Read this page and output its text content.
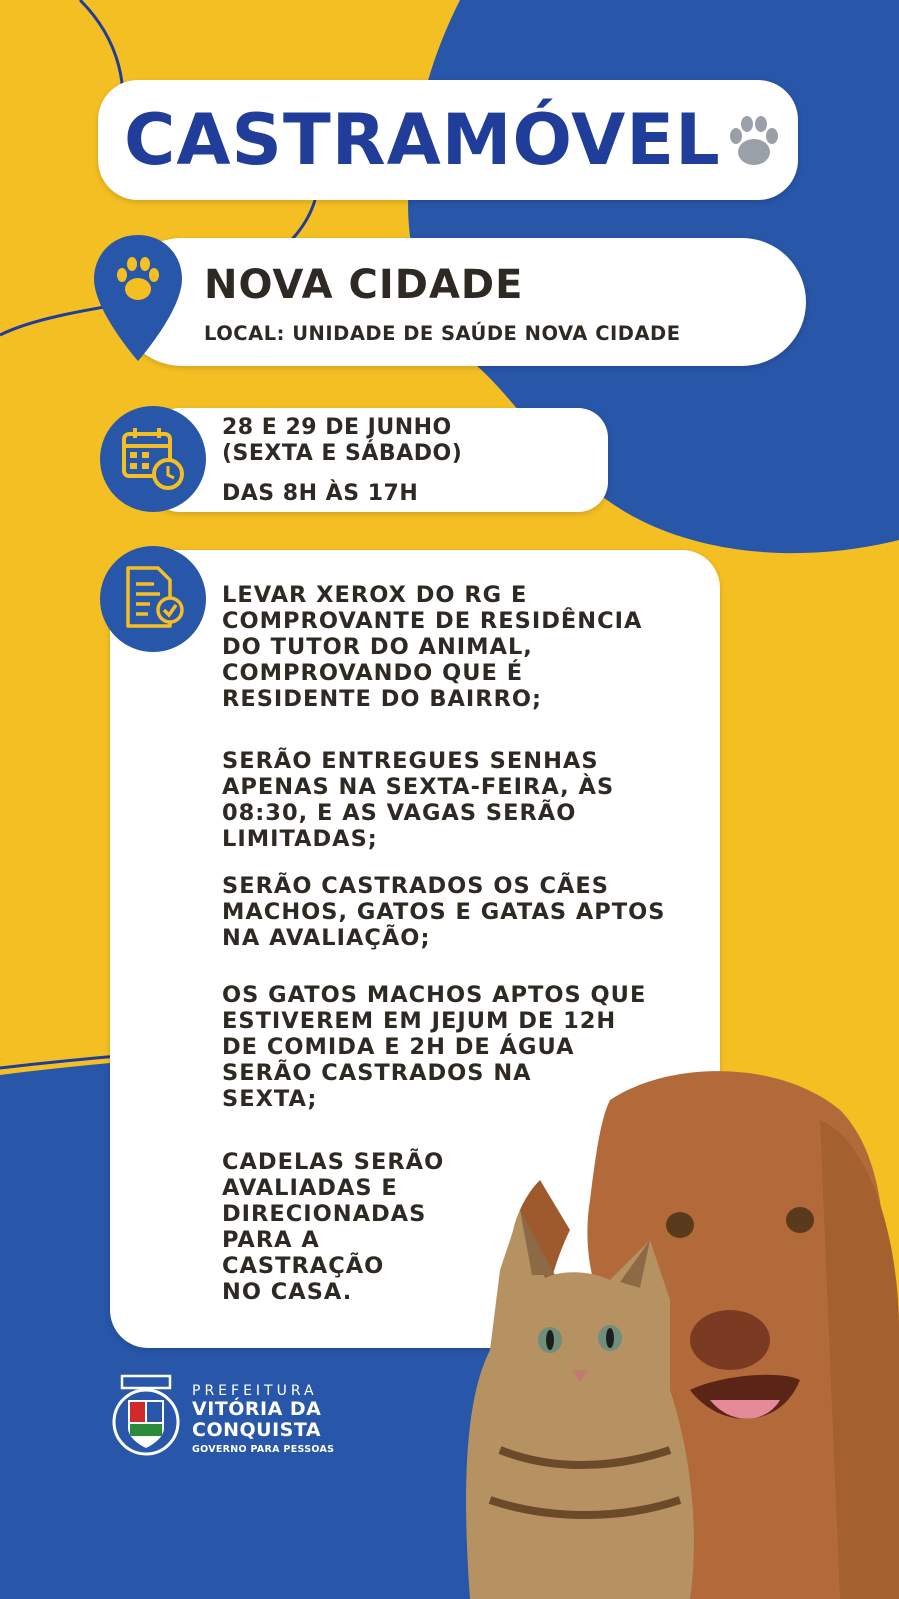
CASTRAMÓVEL
NOVA CIDADE
LOCAL: UNIDADE DE SAÚDE NOVA CIDADE
28 E 29 DE JUNHO
(SEXTA E SÁBADO)
DAS 8H ÀS 17H
LEVAR XEROX DO RG E
COMPROVANTE DE RESIDÊNCIA
DO TUTOR DO ANIMAL,
COMPROVANDO QUE É
RESIDENTE DO BAIRRO;
SERÃO ENTREGUES SENHAS
APENAS NA SEXTA-FEIRA, ÀS
08:30, E AS VAGAS SERÃO
LIMITADAS;
SERÃO CASTRADOS OS CÃES
MACHOS, GATOS E GATAS APTOS
NA AVALIAÇÃO;
OS GATOS MACHOS APTOS QUE
ESTIVEREM EM JEJUM DE 12H
DE COMIDA E 2H DE ÁGUA
SERÃO CASTRADOS NA
SEXTA;
CADELAS SERÃO
AVALIADAS E
DIRECIONADAS
PARA A
CASTRAÇÃO
NO CASA.
PREFEITURA
VITÓRIA DA
CONQUISTA
GOVERNO PARA PESSOAS
